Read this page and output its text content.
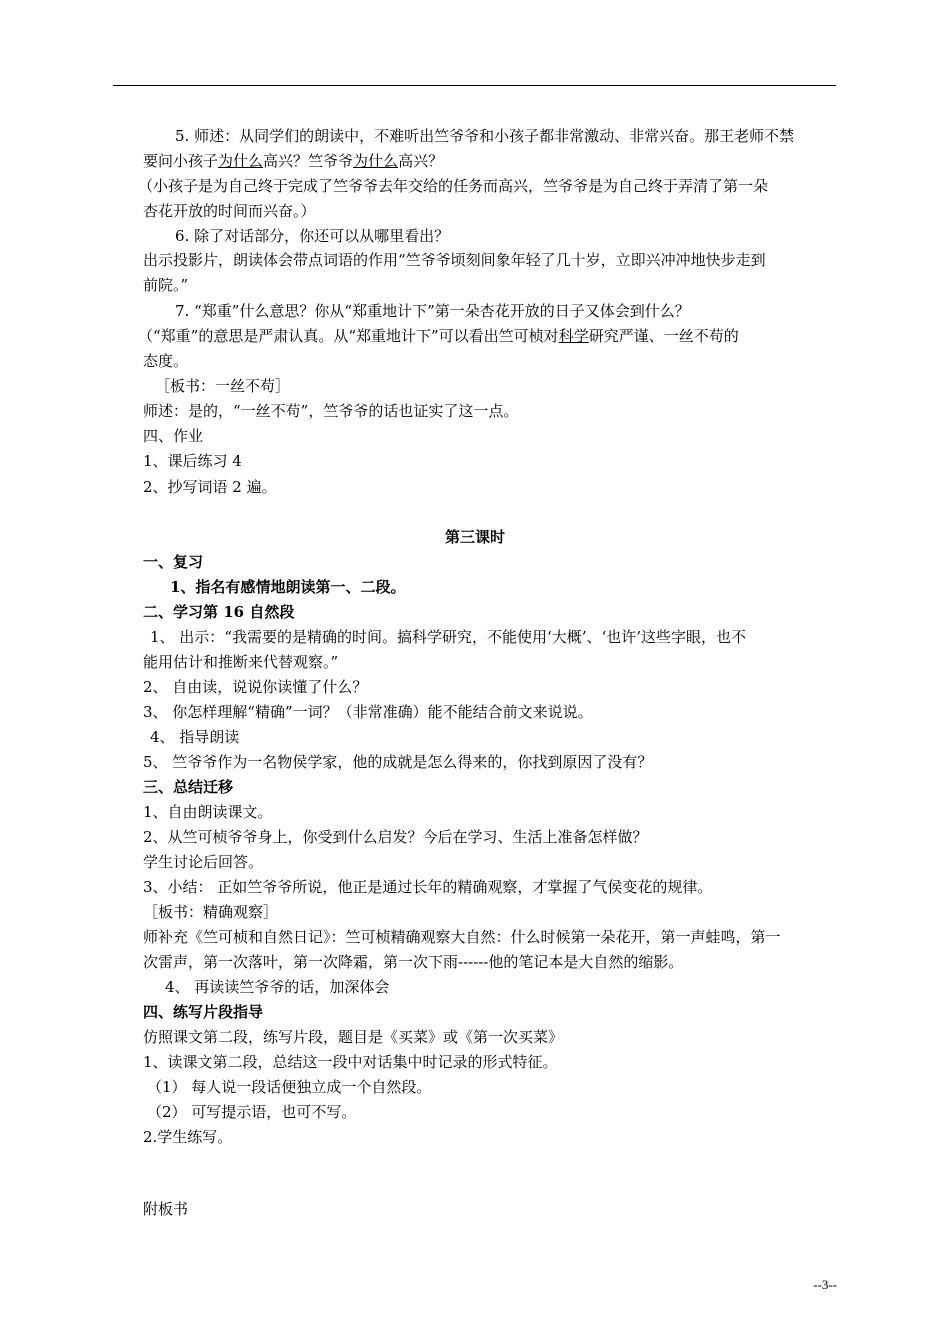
5. 师述：从同学们的朗读中，不难听出竺爷爷和小孩子都非常激动、非常兴奋。那王老师不禁
要问小孩子为什么高兴？竺爷爷为什么高兴？
（小孩子是为自己终于完成了竺爷爷去年交给的任务而高兴，竺爷爷是为自己终于弄清了第一朵
杏花开放的时间而兴奋。）
6. 除了对话部分，你还可以从哪里看出？
出示投影片，朗读体会带点词语的作用“竺爷爷顷刻间象年轻了几十岁，立即兴冲冲地快步走到
前院。”
7. “郑重”什么意思？你从“郑重地计下”第一朵杏花开放的日子又体会到什么？
（“郑重”的意思是严肃认真。从“郑重地计下”可以看出竺可桢对科学研究严谨、一丝不苟的
态度。
［板书：一丝不苟］
师述：是的，“一丝不苟”，竺爷爷的话也证实了这一点。
四、作业
1、课后练习 4
2、抄写词语 2 遍。
第三课时
一、复习
1、指名有感情地朗读第一、二段。
二、学习第 16 自然段
1、 出示：“我需要的是精确的时间。搞科学研究，不能使用‘大概’、‘也许’这些字眼，也不
能用估计和推断来代替观察。”
2、 自由读，说说你读懂了什么？
3、 你怎样理解“精确”一词？（非常准确）能不能结合前文来说说。
4、 指导朗读
5、 竺爷爷作为一名物侯学家，他的成就是怎么得来的，你找到原因了没有？
三、总结迁移
1、自由朗读课文。
2、从竺可桢爷爷身上，你受到什么启发？今后在学习、生活上准备怎样做？
学生讨论后回答。
3、小结： 正如竺爷爷所说，他正是通过长年的精确观察，才掌握了气侯变花的规律。
［板书：精确观察］
师补充《竺可桢和自然日记》：竺可桢精确观察大自然：什么时候第一朵花开，第一声蛙鸣，第一
次雷声，第一次落叶，第一次降霜，第一次下雨------他的笔记本是大自然的缩影。
4、 再读读竺爷爷的话，加深体会
四、练写片段指导
仿照课文第二段，练写片段，题目是《买菜》或《第一次买菜》
1、读课文第二段，总结这一段中对话集中时记录的形式特征。
（1） 每人说一段话便独立成一个自然段。
（2） 可写提示语，也可不写。
2.学生练写。
附板书
--3--
